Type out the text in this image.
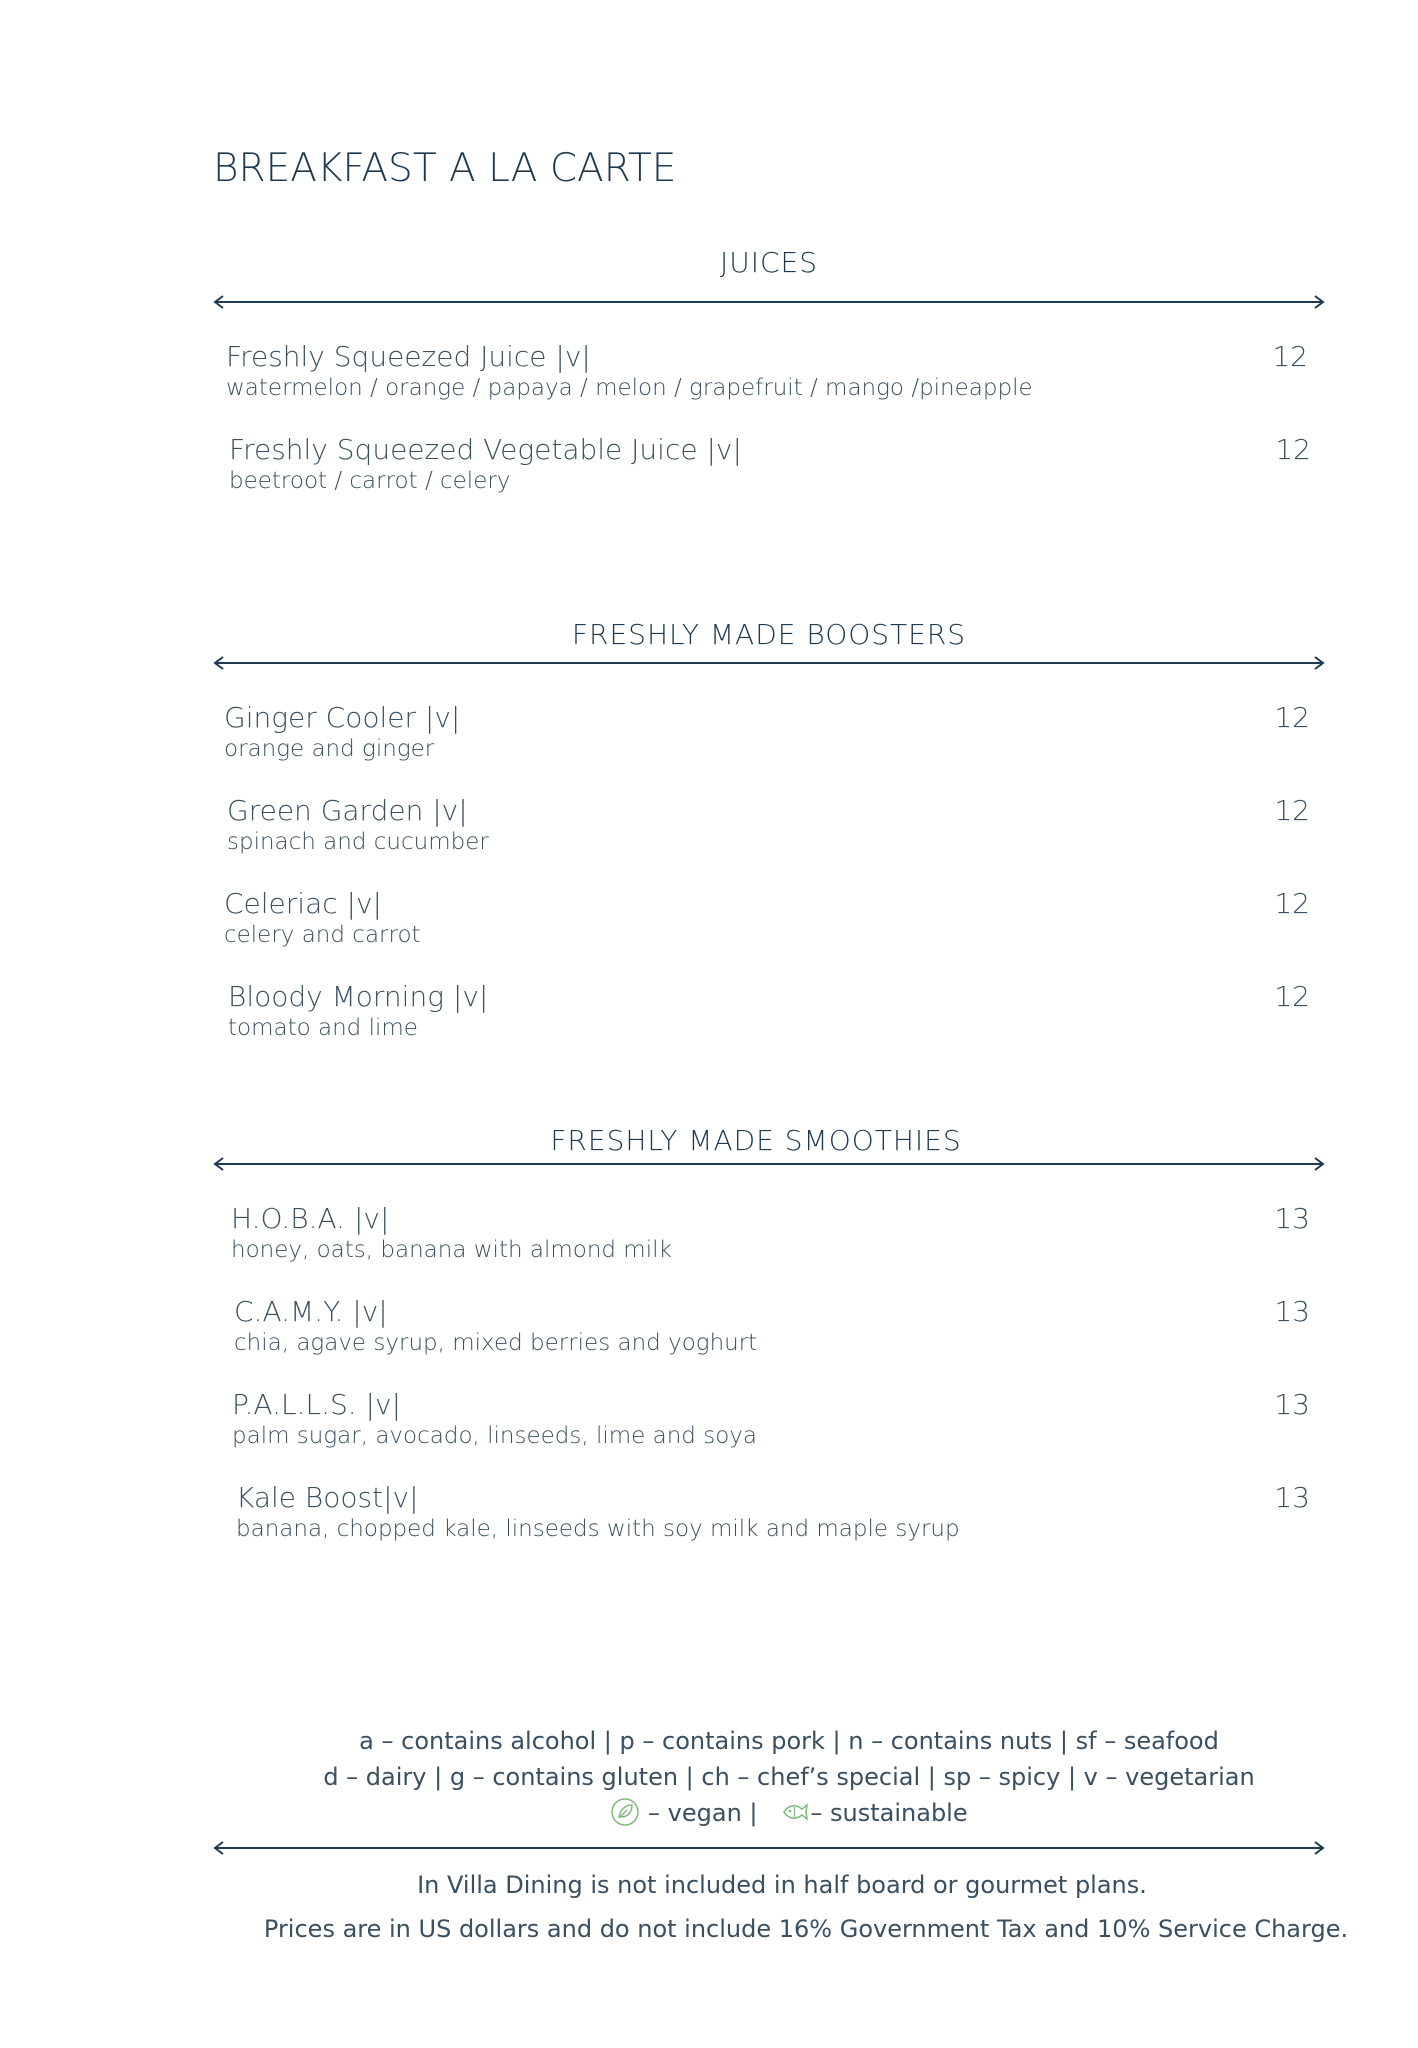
BREAKFAST A LA CARTE
JUICES
Freshly Squeezed Juice |v|
watermelon / orange / papaya / melon / grapefruit / mango /pineapple
12
Freshly Squeezed Vegetable Juice |v|
beetroot / carrot / celery
12
FRESHLY MADE BOOSTERS
Ginger Cooler |v|
orange and ginger
12
Green Garden |v|
spinach and cucumber
12
Celeriac |v|
celery and carrot
12
Bloody Morning |v|
tomato and lime
12
FRESHLY MADE SMOOTHIES
H.O.B.A. |v|
honey, oats, banana with almond milk
13
C.A.M.Y. |v|
chia, agave syrup, mixed berries and yoghurt
13
P.A.L.L.S. |v|
palm sugar, avocado, linseeds, lime and soya
13
Kale Boost|v|
banana, chopped kale, linseeds with soy milk and maple syrup
13
a – contains alcohol | p – contains pork | n – contains nuts | sf – seafood
d – dairy | g – contains gluten | ch – chef’s special | sp – spicy | v – vegetarian
– vegan | – sustainable
In Villa Dining is not included in half board or gourmet plans.
Prices are in US dollars and do not include 16% Government Tax and 10% Service Charge.
